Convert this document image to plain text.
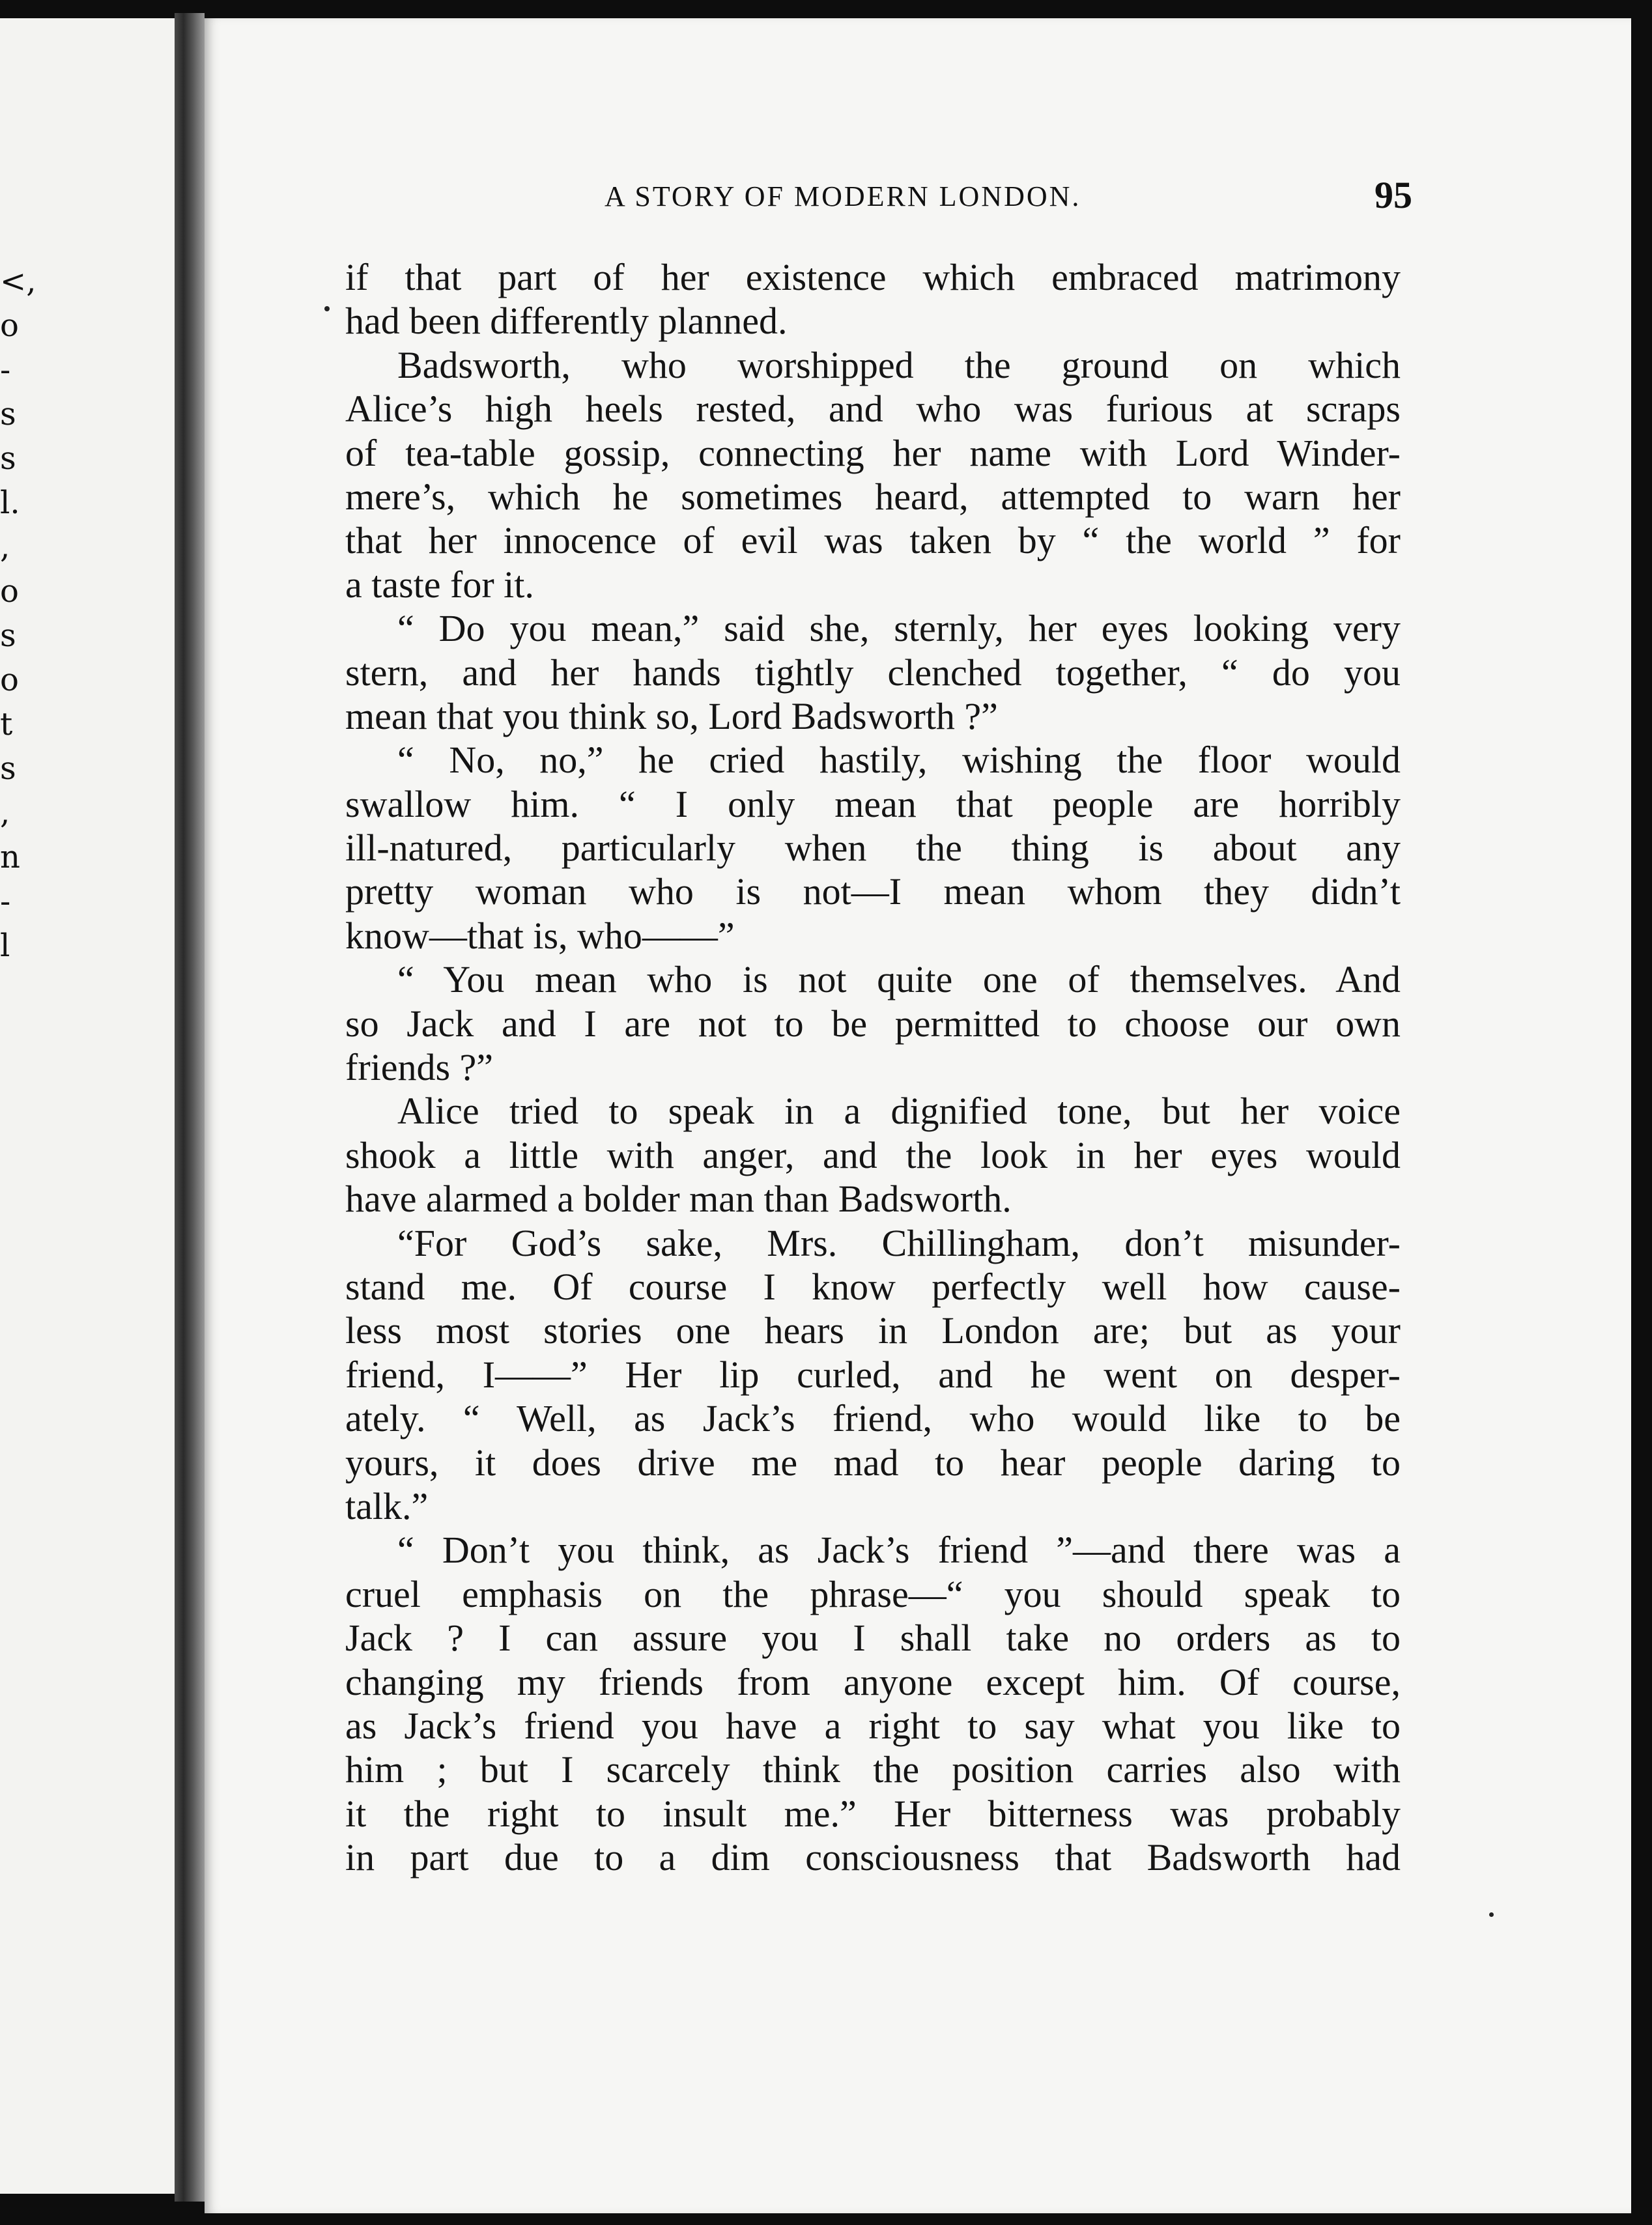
<,
o
-
s
s
l.
,
o
s
o
t
s
,
n
-
l
A STORY OF MODERN LONDON.	95
if that part of her existence which embraced matrimony
had been differently planned.
Badsworth, who worshipped the ground on which
Alice’s high heels rested, and who was furious at scraps
of tea-table gossip, connecting her name with Lord Winder-
mere’s, which he sometimes heard, attempted to warn her
that her innocence of evil was taken by “ the world ” for
a taste for it.
“ Do you mean,” said she, sternly, her eyes looking very
stern, and her hands tightly clenched together, “ do you
mean that you think so, Lord Badsworth ?”
“ No, no,” he cried hastily, wishing the floor would
swallow him. “ I only mean that people are horribly
ill-natured, particularly when the thing is about any
pretty woman who is not—I mean whom they didn’t
know—that is, who——”
“ You mean who is not quite one of themselves. And
so Jack and I are not to be permitted to choose our own
friends ?”
Alice tried to speak in a dignified tone, but her voice
shook a little with anger, and the look in her eyes would
have alarmed a bolder man than Badsworth.
“For God’s sake, Mrs. Chillingham, don’t misunder-
stand me. Of course I know perfectly well how cause-
less most stories one hears in London are; but as your
friend, I——” Her lip curled, and he went on desper-
ately. “ Well, as Jack’s friend, who would like to be
yours, it does drive me mad to hear people daring to
talk.”
“ Don’t you think, as Jack’s friend ”—and there was a
cruel emphasis on the phrase—“ you should speak to
Jack ? I can assure you I shall take no orders as to
changing my friends from anyone except him. Of course,
as Jack’s friend you have a right to say what you like to
him ; but I scarcely think the position carries also with
it the right to insult me.” Her bitterness was probably
in part due to a dim consciousness that Badsworth had
